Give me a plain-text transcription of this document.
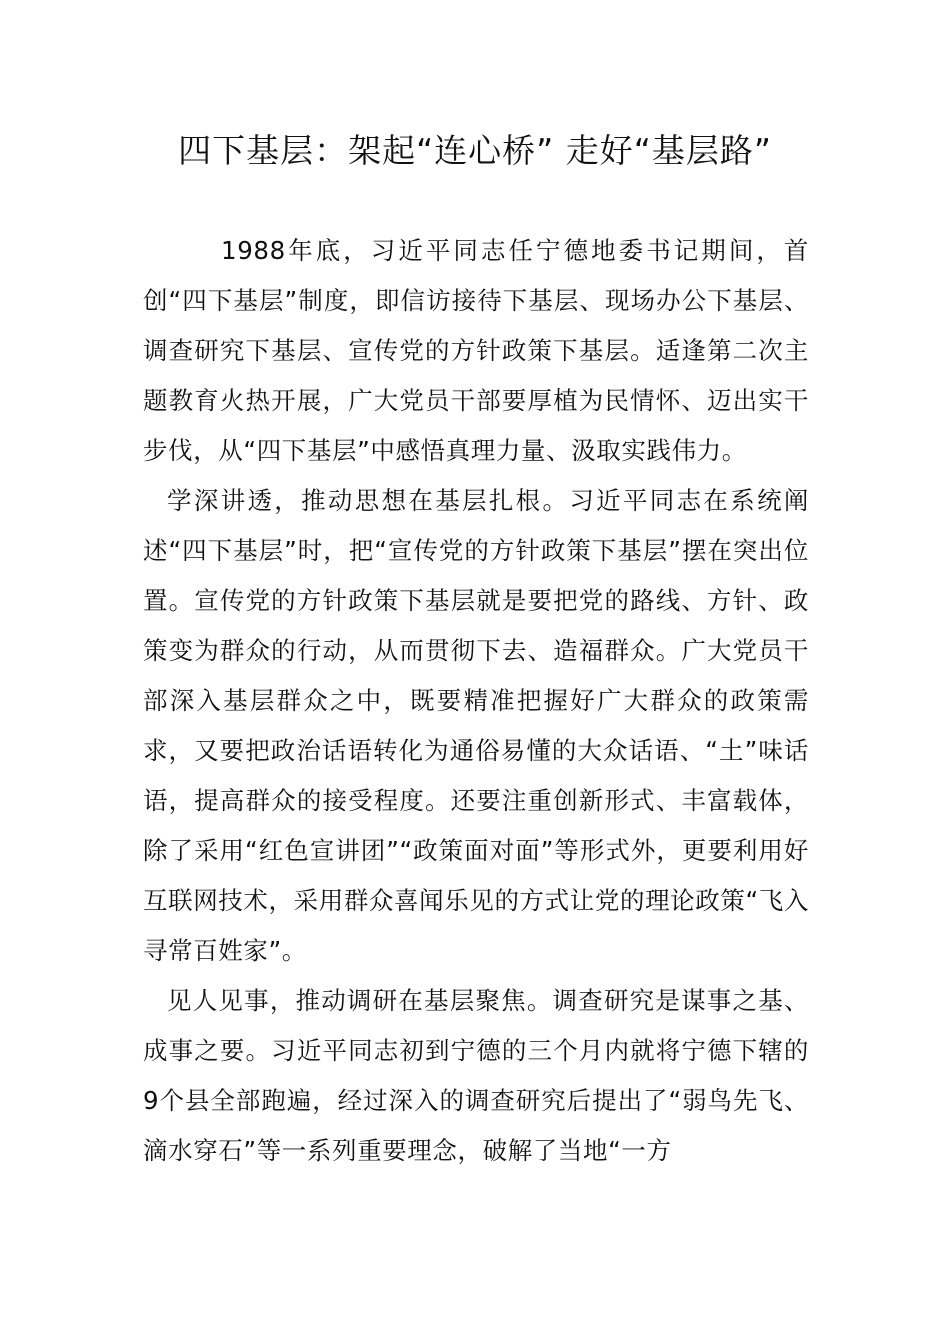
四下基层：架起“连心桥” 走好“基层路”

1988年底，习近平同志任宁德地委书记期间，首创“四下基层”制度，即信访接待下基层、现场办公下基层、调查研究下基层、宣传党的方针政策下基层。适逢第二次主题教育火热开展，广大党员干部要厚植为民情怀、迈出实干步伐，从“四下基层”中感悟真理力量、汲取实践伟力。

学深讲透，推动思想在基层扎根。习近平同志在系统阐述“四下基层”时，把“宣传党的方针政策下基层”摆在突出位置。宣传党的方针政策下基层就是要把党的路线、方针、政策变为群众的行动，从而贯彻下去、造福群众。广大党员干部深入基层群众之中，既要精准把握好广大群众的政策需求，又要把政治话语转化为通俗易懂的大众话语、“土”味话语，提高群众的接受程度。还要注重创新形式、丰富载体，除了采用“红色宣讲团”“政策面对面”等形式外，更要利用好互联网技术，采用群众喜闻乐见的方式让党的理论政策“飞入寻常百姓家”。

见人见事，推动调研在基层聚焦。调查研究是谋事之基、成事之要。习近平同志初到宁德的三个月内就将宁德下辖的9个县全部跑遍，经过深入的调查研究后提出了“弱鸟先飞、滴水穿石”等一系列重要理念，破解了当地“一方
